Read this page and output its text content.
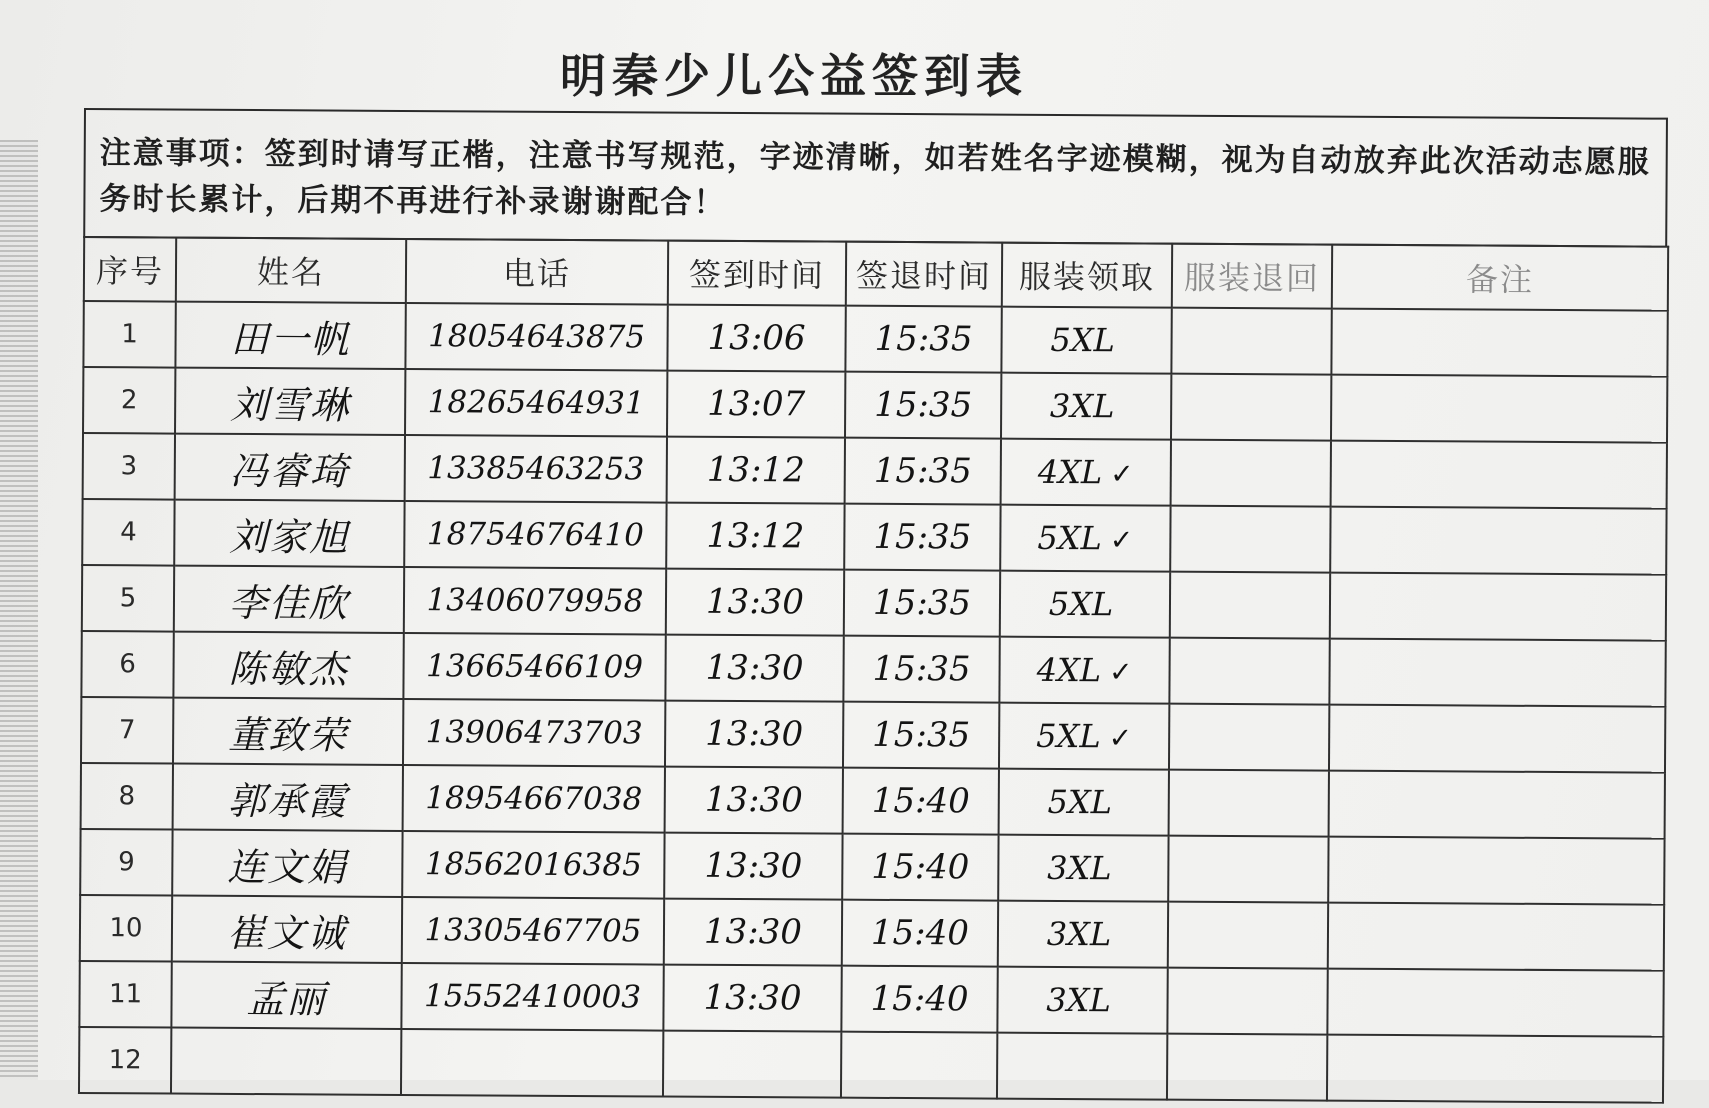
明秦少儿公益签到表
注意事项：签到时请写正楷，注意书写规范，字迹清晰，如若姓名字迹模糊，视为自动放弃此次活动志愿服务时长累计，后期不再进行补录谢谢配合！
序号	姓名	电话	签到时间	签退时间	服装领取	服装退回	备注
1	田一帆	18054643875	13:06	15:35	5XL		
2	刘雪琳	18265464931	13:07	15:35	3XL		
3	冯睿琦	13385463253	13:12	15:35	4XL ✓		
4	刘家旭	18754676410	13:12	15:35	5XL ✓		
5	李佳欣	13406079958	13:30	15:35	5XL		
6	陈敏杰	13665466109	13:30	15:35	4XL ✓		
7	董致荣	13906473703	13:30	15:35	5XL ✓		
8	郭承霞	18954667038	13:30	15:40	5XL		
9	连文娟	18562016385	13:30	15:40	3XL		
10	崔文诚	13305467705	13:30	15:40	3XL		
11	孟丽	15552410003	13:30	15:40	3XL		
12							
